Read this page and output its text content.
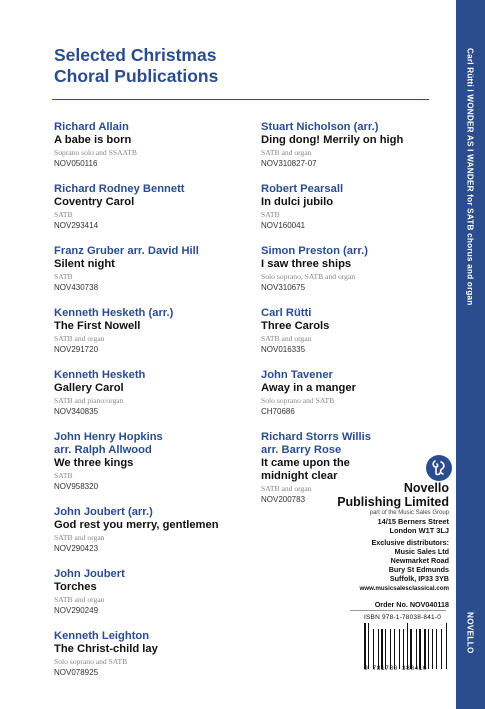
Selected Christmas
Choral Publications
Richard Allain
A babe is born
Soprano solo and SSAATB
NOV050116
Richard Rodney Bennett
Coventry Carol
SATB
NOV293414
Franz Gruber arr. David Hill
Silent night
SATB
NOV430738
Kenneth Hesketh (arr.)
The First Nowell
SATB and organ
NOV291720
Kenneth Hesketh
Gallery Carol
SATB and piano/organ
NOV340835
John Henry Hopkins
arr. Ralph Allwood
We three kings
SATB
NOV958320
John Joubert (arr.)
God rest you merry, gentlemen
SATB and organ
NOV290423
John Joubert
Torches
SATB and organ
NOV290249
Kenneth Leighton
The Christ-child lay
Solo soprano and SATB
NOV078925
Stuart Nicholson (arr.)
Ding dong! Merrily on high
SATB and organ
NOV310827-07
Robert Pearsall
In dulci jubilo
SATB
NOV160041
Simon Preston (arr.)
I saw three ships
Solo soprano, SATB and organ
NOV310675
Carl Rütti
Three Carols
SATB and organ
NOV016335
John Tavener
Away in a manger
Solo soprano and SATB
CH70686
Richard Storrs Willis
arr. Barry Rose
It came upon the
midnight clear
SATB and organ
NOV200783
Novello
Publishing Limited
part of the Music Sales Group
14/15 Berners Street
London W1T 3LJ
Exclusive distributors:
Music Sales Ltd
Newmarket Road
Bury St Edmunds
Suffolk, IP33 3YB
www.musicsalesclassical.com
Order No. NOV040118
ISBN 978-1-78038-841-0
9 781780 388410
Carl Rütti I WONDER AS I WANDER for SATB chorus and organ
NOVELLO
